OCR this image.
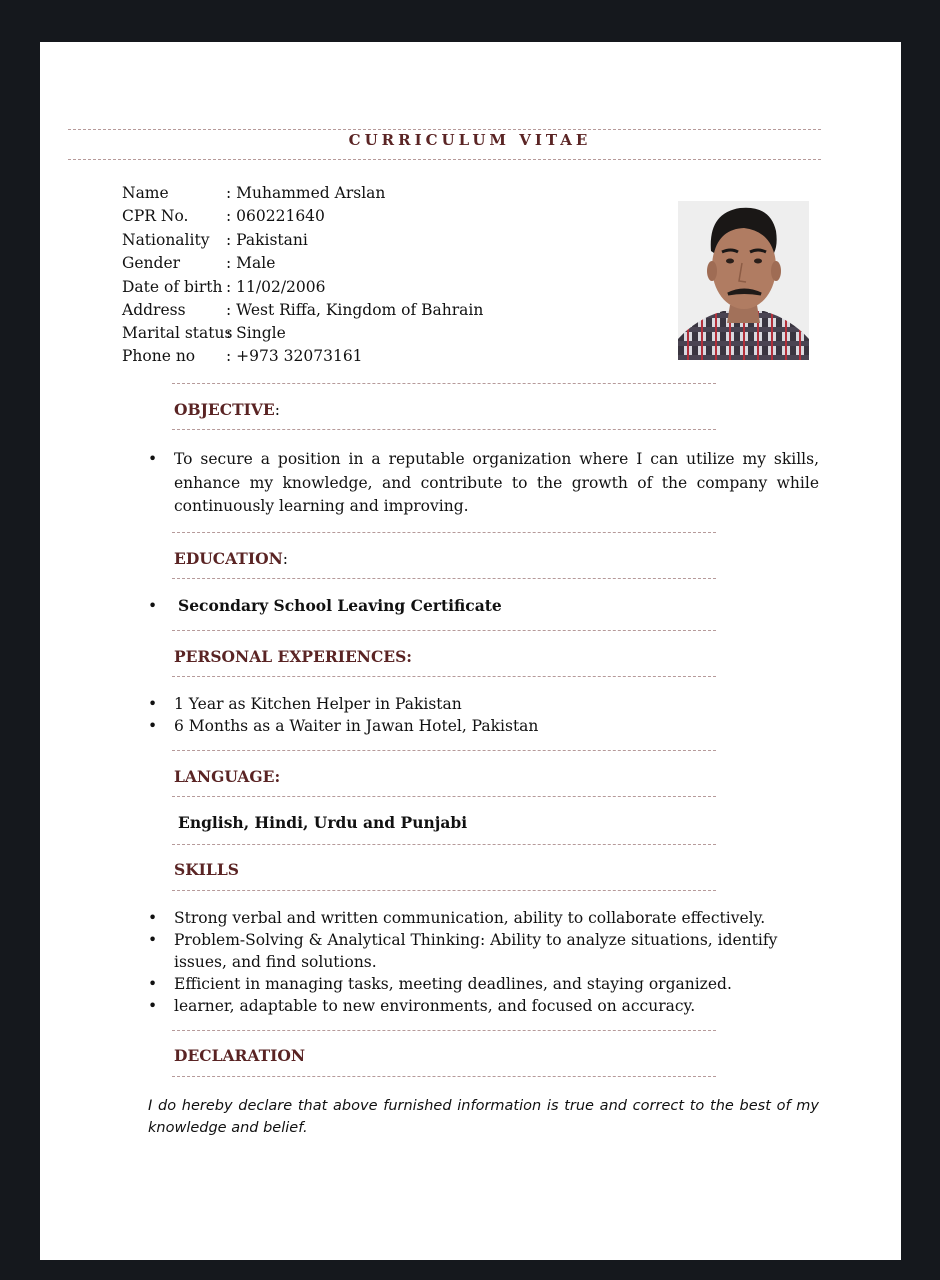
CURRICULUM VITAE
Name	: Muhammed Arslan
CPR No. : 060221640
Nationality : Pakistani
Gender	: Male
Date of birth : 11/02/2006
Address	: West Riffa, Kingdom of Bahrain
Marital status: Single
Phone no : +973 32073161
OBJECTIVE:
• To secure a position in a reputable organization where I can utilize my skills, enhance my knowledge, and contribute to the growth of the company while continuously learning and improving.
EDUCATION:
• Secondary School Leaving Certificate
PERSONAL EXPERIENCES:
• 1 Year as Kitchen Helper in Pakistan
• 6 Months as a Waiter in Jawan Hotel, Pakistan
LANGUAGE:
English, Hindi, Urdu and Punjabi
SKILLS
• Strong verbal and written communication, ability to collaborate effectively.
• Problem-Solving & Analytical Thinking: Ability to analyze situations, identify issues, and find solutions.
• Efficient in managing tasks, meeting deadlines, and staying organized.
• learner, adaptable to new environments, and focused on accuracy.
DECLARATION
I do hereby declare that above furnished information is true and correct to the best of my knowledge and belief.
